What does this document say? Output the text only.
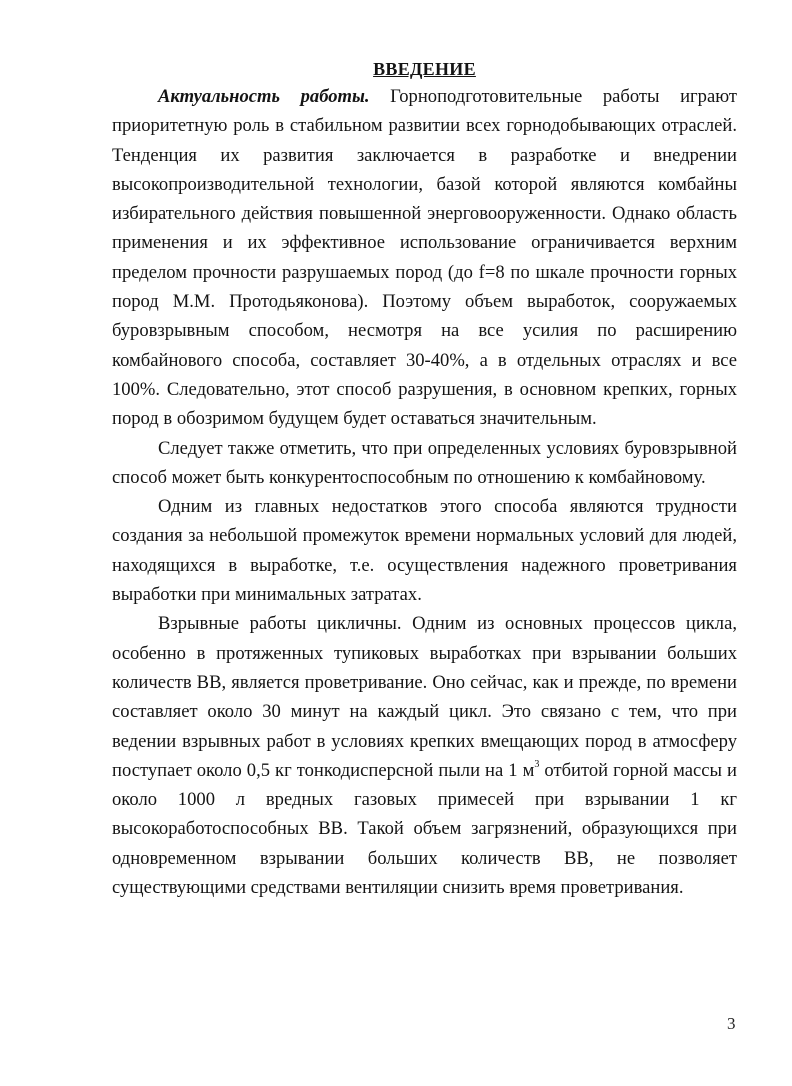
ВВЕДЕНИЕ

Актуальность работы. Горноподготовительные работы играют приоритетную роль в стабильном развитии всех горнодобывающих отраслей. Тенденция их развития заключается в разработке и внедрении высокопроизводительной технологии, базой которой являются комбайны избирательного действия повышенной энерговооруженности. Однако область применения и их эффективное использование ограничивается верхним пределом прочности разрушаемых пород (до f=8 по шкале прочности горных пород М.М. Протодьяконова). Поэтому объем выработок, сооружаемых буровзрывным способом, несмотря на все усилия по расширению комбайнового способа, составляет 30-40%, а в отдельных отраслях и все 100%. Следовательно, этот способ разрушения, в основном крепких, горных пород в обозримом будущем будет оставаться значительным.

Следует также отметить, что при определенных условиях буровзрывной способ может быть конкурентоспособным по отношению к комбайновому.

Одним из главных недостатков этого способа являются трудности создания за небольшой промежуток времени нормальных условий для людей, находящихся в выработке, т.е. осуществления надежного проветривания выработки при минимальных затратах.

Взрывные работы цикличны. Одним из основных процессов цикла, особенно в протяженных тупиковых выработках при взрывании больших количеств ВВ, является проветривание. Оно сейчас, как и прежде, по времени составляет около 30 минут на каждый цикл. Это связано с тем, что при ведении взрывных работ в условиях крепких вмещающих пород в атмосферу поступает около 0,5 кг тонкодисперсной пыли на 1 $м^3$ отбитой горной массы и около 1000 л вредных газовых примесей при взрывании 1 кг высокоработоспособных ВВ. Такой объем загрязнений, образующихся при одновременном взрывании больших количеств ВВ, не позволяет существующими средствами вентиляции снизить время проветривания.

3
